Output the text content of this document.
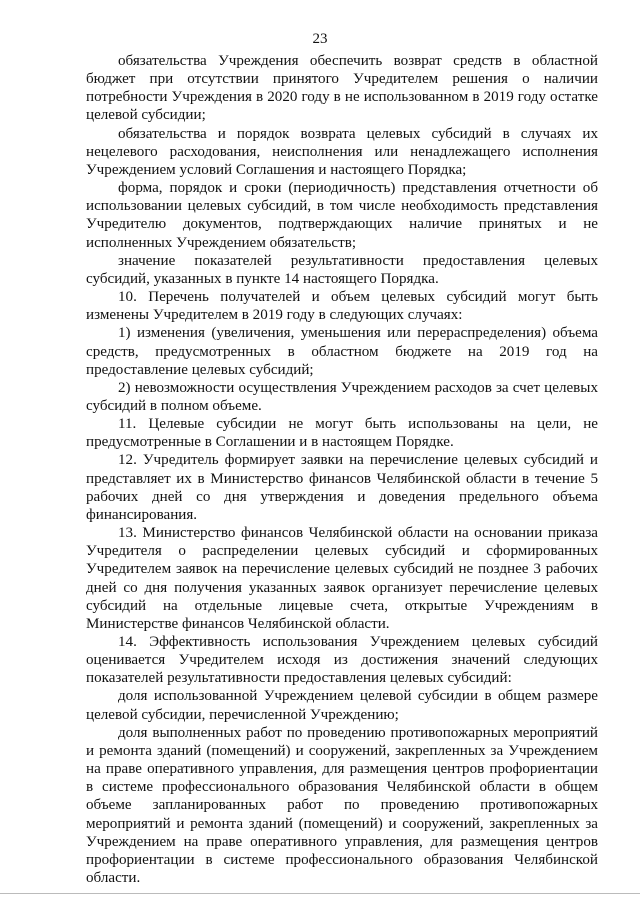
23

обязательства Учреждения обеспечить возврат средств в областной бюджет при отсутствии принятого Учредителем решения о наличии потребности Учреждения в 2020 году в не использованном в 2019 году остатке целевой субсидии;

обязательства и порядок возврата целевых субсидий в случаях их нецелевого расходования, неисполнения или ненадлежащего исполнения Учреждением условий Соглашения и настоящего Порядка;

форма, порядок и сроки (периодичность) представления отчетности об использовании целевых субсидий, в том числе необходимость представления Учредителю документов, подтверждающих наличие принятых и не исполненных Учреждением обязательств;

значение показателей результативности предоставления целевых субсидий, указанных в пункте 14 настоящего Порядка.

10. Перечень получателей и объем целевых субсидий могут быть изменены Учредителем в 2019 году в следующих случаях:

1) изменения (увеличения, уменьшения или перераспределения) объема средств, предусмотренных в областном бюджете на 2019 год на предоставление целевых субсидий;

2) невозможности осуществления Учреждением расходов за счет целевых субсидий в полном объеме.

11. Целевые субсидии не могут быть использованы на цели, не предусмотренные в Соглашении и в настоящем Порядке.

12. Учредитель формирует заявки на перечисление целевых субсидий и представляет их в Министерство финансов Челябинской области в течение 5 рабочих дней со дня утверждения и доведения предельного объема финансирования.

13. Министерство финансов Челябинской области на основании приказа Учредителя о распределении целевых субсидий и сформированных Учредителем заявок на перечисление целевых субсидий не позднее 3 рабочих дней со дня получения указанных заявок организует перечисление целевых субсидий на отдельные лицевые счета, открытые Учреждениям в Министерстве финансов Челябинской области.

14. Эффективность использования Учреждением целевых субсидий оценивается Учредителем исходя из достижения значений следующих показателей результативности предоставления целевых субсидий:

доля использованной Учреждением целевой субсидии в общем размере целевой субсидии, перечисленной Учреждению;

доля выполненных работ по проведению противопожарных мероприятий и ремонта зданий (помещений) и сооружений, закрепленных за Учреждением на праве оперативного управления, для размещения центров профориентации в системе профессионального образования Челябинской области в общем объеме запланированных работ по проведению противопожарных мероприятий и ремонта зданий (помещений) и сооружений, закрепленных за Учреждением на праве оперативного управления, для размещения центров профориентации в системе профессионального образования Челябинской области.
